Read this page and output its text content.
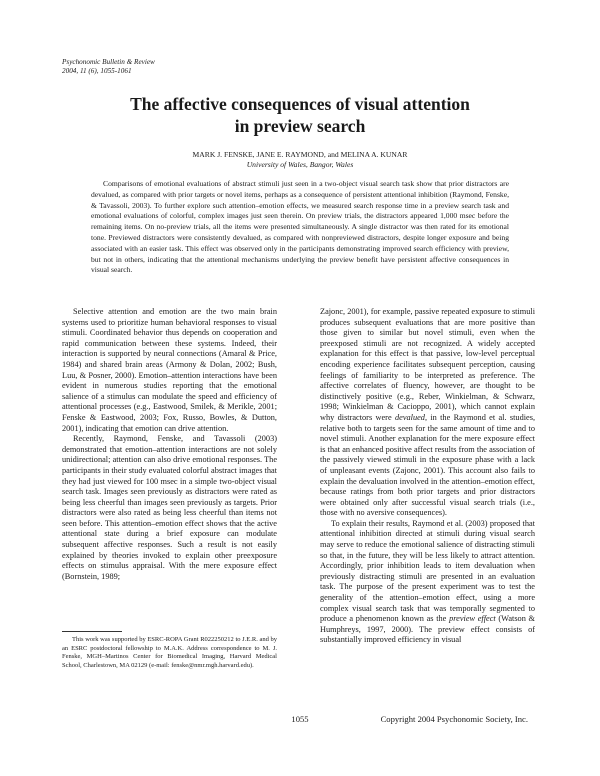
Psychonomic Bulletin & Review
2004, 11 (6), 1055-1061
The affective consequences of visual attention
in preview search
MARK J. FENSKE, JANE E. RAYMOND, and MELINA A. KUNAR
University of Wales, Bangor, Wales
Comparisons of emotional evaluations of abstract stimuli just seen in a two-object visual search task show that prior distractors are devalued, as compared with prior targets or novel items, perhaps as a consequence of persistent attentional inhibition (Raymond, Fenske, & Tavassoli, 2003). To further explore such attention–emotion effects, we measured search response time in a preview search task and emotional evaluations of colorful, complex images just seen therein. On preview trials, the distractors appeared 1,000 msec before the remaining items. On no-preview trials, all the items were presented simultaneously. A single distractor was then rated for its emotional tone. Previewed distractors were consistently devalued, as compared with nonpreviewed distractors, despite longer exposure and being associated with an easier task. This effect was observed only in the participants demonstrating improved search efficiency with preview, but not in others, indicating that the attentional mechanisms underlying the preview benefit have persistent affective consequences in visual search.

Selective attention and emotion are the two main brain systems used to prioritize human behavioral responses to visual stimuli. Coordinated behavior thus depends on cooperation and rapid communication between these systems. Indeed, their interaction is supported by neural connections (Amaral & Price, 1984) and shared brain areas (Armony & Dolan, 2002; Bush, Luu, & Posner, 2000). Emotion–attention interactions have been evident in numerous studies reporting that the emotional salience of a stimulus can modulate the speed and efficiency of attentional processes (e.g., Eastwood, Smilek, & Merikle, 2001; Fenske & Eastwood, 2003; Fox, Russo, Bowles, & Dutton, 2001), indicating that emotion can drive attention.

Recently, Raymond, Fenske, and Tavassoli (2003) demonstrated that emotion–attention interactions are not solely unidirectional; attention can also drive emotional responses. The participants in their study evaluated colorful abstract images that they had just viewed for 100 msec in a simple two-object visual search task. Images seen previously as distractors were rated as being less cheerful than images seen previously as targets. Prior distractors were also rated as being less cheerful than items not seen before. This attention–emotion effect shows that the active attentional state during a brief exposure can modulate subsequent affective responses. Such a result is not easily explained by theories invoked to explain other preexposure effects on stimulus appraisal. With the mere exposure effect (Bornstein, 1989;

Zajonc, 2001), for example, passive repeated exposure to stimuli produces subsequent evaluations that are more positive than those given to similar but novel stimuli, even when the preexposed stimuli are not recognized. A widely accepted explanation for this effect is that passive, low-level perceptual encoding experience facilitates subsequent perception, causing feelings of familiarity to be interpreted as preference. The affective correlates of fluency, however, are thought to be distinctively positive (e.g., Reber, Winkielman, & Schwarz, 1998; Winkielman & Cacioppo, 2001), which cannot explain why distractors were devalued, in the Raymond et al. studies, relative both to targets seen for the same amount of time and to novel stimuli. Another explanation for the mere exposure effect is that an enhanced positive affect results from the association of the passively viewed stimuli in the exposure phase with a lack of unpleasant events (Zajonc, 2001). This account also fails to explain the devaluation involved in the attention–emotion effect, because ratings from both prior targets and prior distractors were obtained only after successful visual search trials (i.e., those with no aversive consequences).

To explain their results, Raymond et al. (2003) proposed that attentional inhibition directed at stimuli during visual search may serve to reduce the emotional salience of distracting stimuli so that, in the future, they will be less likely to attract attention. Accordingly, prior inhibition leads to item devaluation when previously distracting stimuli are presented in an evaluation task. The purpose of the present experiment was to test the generality of the attention–emotion effect, using a more complex visual search task that was temporally segmented to produce a phenomenon known as the preview effect (Watson & Humphreys, 1997, 2000). The preview effect consists of substantially improved efficiency in visual

This work was supported by ESRC-ROPA Grant R022250212 to J.E.R. and by an ESRC postdoctoral fellowship to M.A.K. Address correspondence to M. J. Fenske, MGH–Martinos Center for Biomedical Imaging, Harvard Medical School, Charlestown, MA 02129 (e-mail: fenske@nmr.mgh.harvard.edu).
1055	Copyright 2004 Psychonomic Society, Inc.
